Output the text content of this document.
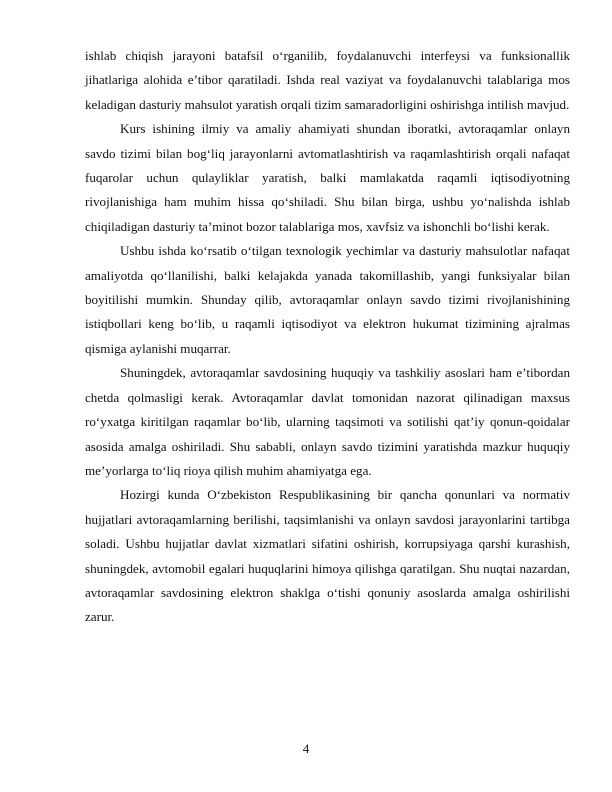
ishlab chiqish jarayoni batafsil o‘rganilib, foydalanuvchi interfeysi va funksionallik jihatlariga alohida e’tibor qaratiladi. Ishda real vaziyat va foydalanuvchi talablariga mos keladigan dasturiy mahsulot yaratish orqali tizim samaradorligini oshirishga intilish mavjud.

Kurs ishining ilmiy va amaliy ahamiyati shundan iboratki, avtoraqamlar onlayn savdo tizimi bilan bog‘liq jarayonlarni avtomatlashtirish va raqamlashtirish orqali nafaqat fuqarolar uchun qulayliklar yaratish, balki mamlakatda raqamli iqtisodiyotning rivojlanishiga ham muhim hissa qo‘shiladi. Shu bilan birga, ushbu yo‘nalishda ishlab chiqiladigan dasturiy ta’minot bozor talablariga mos, xavfsiz va ishonchli bo‘lishi kerak.

Ushbu ishda ko‘rsatib o‘tilgan texnologik yechimlar va dasturiy mahsulotlar nafaqat amaliyotda qo‘llanilishi, balki kelajakda yanada takomillashib, yangi funksiyalar bilan boyitilishi mumkin. Shunday qilib, avtoraqamlar onlayn savdo tizimi rivojlanishining istiqbollari keng bo‘lib, u raqamli iqtisodiyot va elektron hukumat tizimining ajralmas qismiga aylanishi muqarrar.

Shuningdek, avtoraqamlar savdosining huquqiy va tashkiliy asoslari ham e’tibordan chetda qolmasligi kerak. Avtoraqamlar davlat tomonidan nazorat qilinadigan maxsus ro‘yxatga kiritilgan raqamlar bo‘lib, ularning taqsimoti va sotilishi qat’iy qonun-qoidalar asosida amalga oshiriladi. Shu sababli, onlayn savdo tizimini yaratishda mazkur huquqiy me’yorlarga to‘liq rioya qilish muhim ahamiyatga ega.

Hozirgi kunda O‘zbekiston Respublikasining bir qancha qonunlari va normativ hujjatlari avtoraqamlarning berilishi, taqsimlanishi va onlayn savdosi jarayonlarini tartibga soladi. Ushbu hujjatlar davlat xizmatlari sifatini oshirish, korrupsiyaga qarshi kurashish, shuningdek, avtomobil egalari huquqlarini himoya qilishga qaratilgan. Shu nuqtai nazardan, avtoraqamlar savdosining elektron shaklga o‘tishi qonuniy asoslarda amalga oshirilishi zarur.

4
